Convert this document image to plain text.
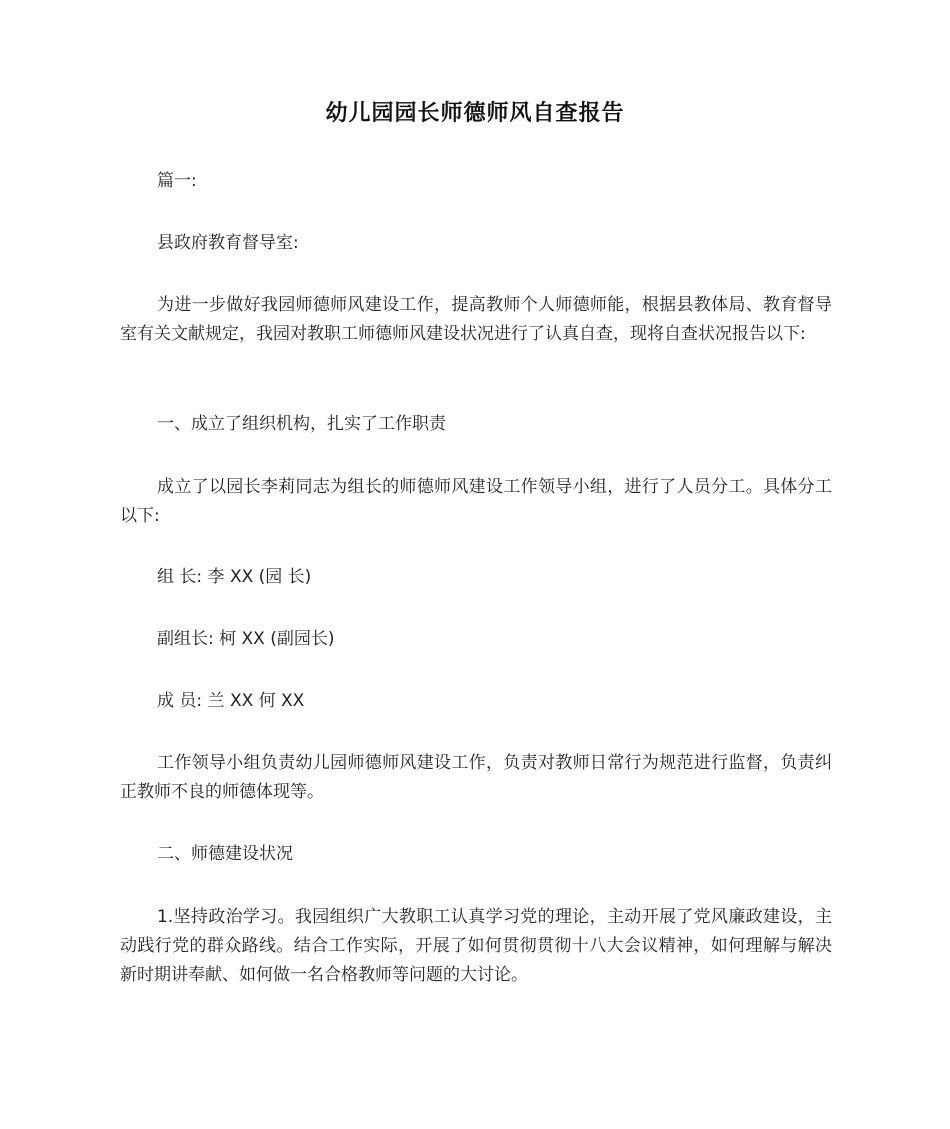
幼儿园园长师德师风自查报告

篇一:

县政府教育督导室:

为进一步做好我园师德师风建设工作，提高教师个人师德师能，根据县教体局、教育督导室有关文献规定，我园对教职工师德师风建设状况进行了认真自查，现将自查状况报告以下:

一、成立了组织机构，扎实了工作职责

成立了以园长李莉同志为组长的师德师风建设工作领导小组，进行了人员分工。具体分工以下:

组 长: 李 XX (园 长)

副组长: 柯 XX (副园长)

成 员: 兰 XX 何 XX

工作领导小组负责幼儿园师德师风建设工作，负责对教师日常行为规范进行监督，负责纠正教师不良的师德体现等。

二、师德建设状况

1.坚持政治学习。我园组织广大教职工认真学习党的理论，主动开展了党风廉政建设，主动践行党的群众路线。结合工作实际，开展了如何贯彻贯彻十八大会议精神，如何理解与解决新时期讲奉献、如何做一名合格教师等问题的大讨论。
